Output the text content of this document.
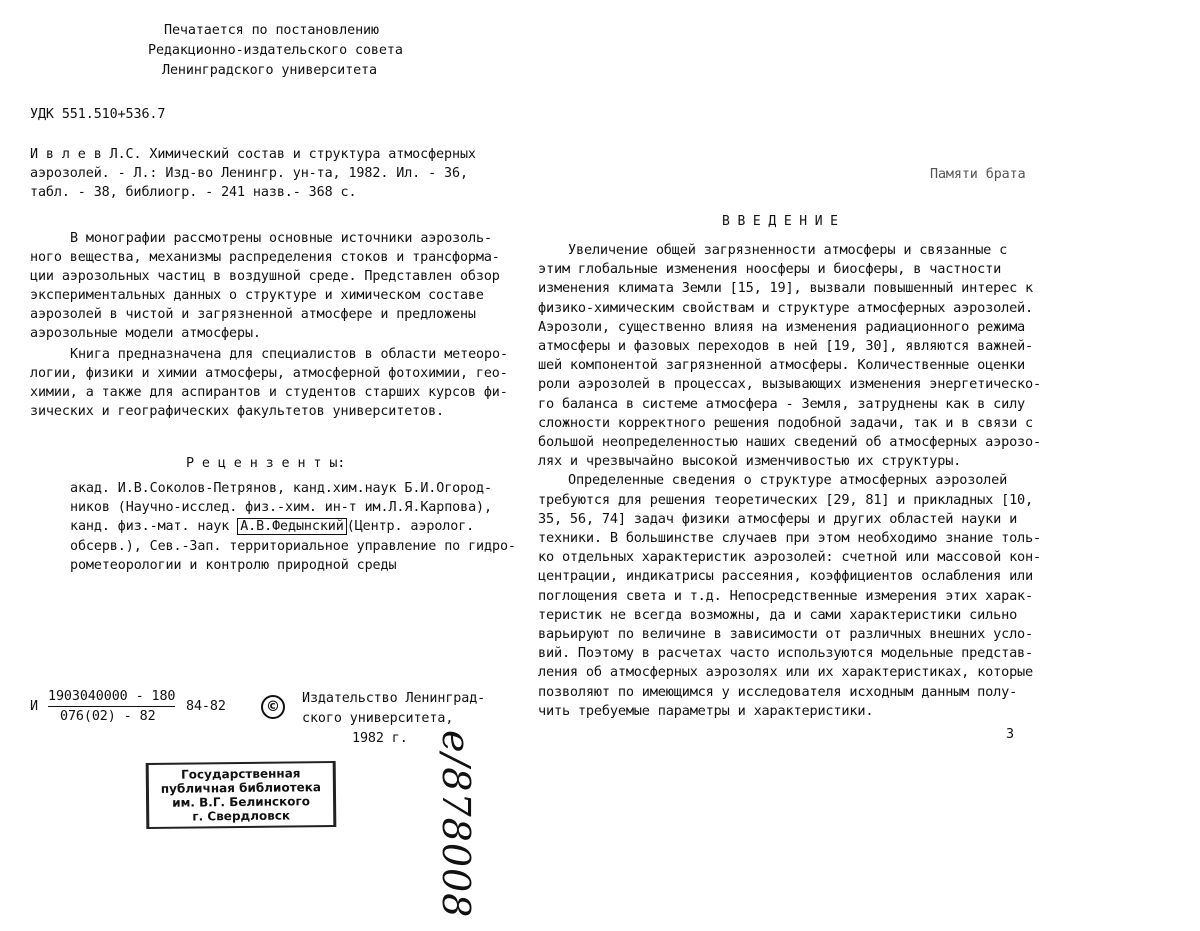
Печатается по постановлению
Редакционно-издательского совета
Ленинградского университета
УДК 551.510+536.7
И в л е в Л.С. Химический состав и структура атмосферных
аэрозолей. - Л.: Изд-во Ленингр. ун-та, 1982. Ил. - 36,
табл. - 38, библиогр. - 241 назв.- 368 с.
В монографии рассмотрены основные источники аэрозоль-
ного вещества, механизмы распределения стоков и трансформа-
ции аэрозольных частиц в воздушной среде. Представлен обзор
экспериментальных данных о структуре и химическом составе
аэрозолей в чистой и загрязненной атмосфере и предложены
аэрозольные модели атмосферы.
Книга предназначена для специалистов в области метеоро-
логии, физики и химии атмосферы, атмосферной фотохимии, гео-
химии, а также для аспирантов и студентов старших курсов фи-
зических и географических факультетов университетов.
Р е ц е н з е н т ы:
акад. И.В.Соколов-Петрянов, канд.хим.наук Б.И.Огород-
ников (Научно-исслед. физ.-хим. ин-т им.Л.Я.Карпова),
канд. физ.-мат. наук А.В.Федынский (Центр. аэролог.
обсерв.), Сев.-Зап. территориальное управление по гидро-
рометеорологии и контролю природной среды
И
1903040000 - 180
076(02) - 82
84-82	©
Издательство Ленинград-
ского университета,
1982 г.
Государственная
публичная библиотека
им. В.Г. Белинского
г. Свердловск	e/878008
Памяти брата
В В Е Д Е Н И Е
Увеличение общей загрязненности атмосферы и связанные с
этим глобальные изменения ноосферы и биосферы, в частности
изменения климата Земли [15, 19], вызвали повышенный интерес к
физико-химическим свойствам и структуре атмосферных аэрозолей.
Аэрозоли, существенно влияя на изменения радиационного режима
атмосферы и фазовых переходов в ней [19, 30], являются важней-
шей компонентой загрязненной атмосферы. Количественные оценки
роли аэрозолей в процессах, вызывающих изменения энергетическо-
го баланса в системе атмосфера - Земля, затруднены как в силу
сложности корректного решения подобной задачи, так и в связи с
большой неопределенностью наших сведений об атмосферных аэрозо-
лях и чрезвычайно высокой изменчивостью их структуры.
Определенные сведения о структуре атмосферных аэрозолей
требуются для решения теоретических [29, 81] и прикладных [10,
35, 56, 74] задач физики атмосферы и других областей науки и
техники. В большинстве случаев при этом необходимо знание толь-
ко отдельных характеристик аэрозолей: счетной или массовой кон-
центрации, индикатрисы рассеяния, коэффициентов ослабления или
поглощения света и т.д. Непосредственные измерения этих харак-
теристик не всегда возможны, да и сами характеристики сильно
варьируют по величине в зависимости от различных внешних усло-
вий. Поэтому в расчетах часто используются модельные представ-
ления об атмосферных аэрозолях или их характеристиках, которые
позволяют по имеющимся у исследователя исходным данным полу-
чить требуемые параметры и характеристики.
3
